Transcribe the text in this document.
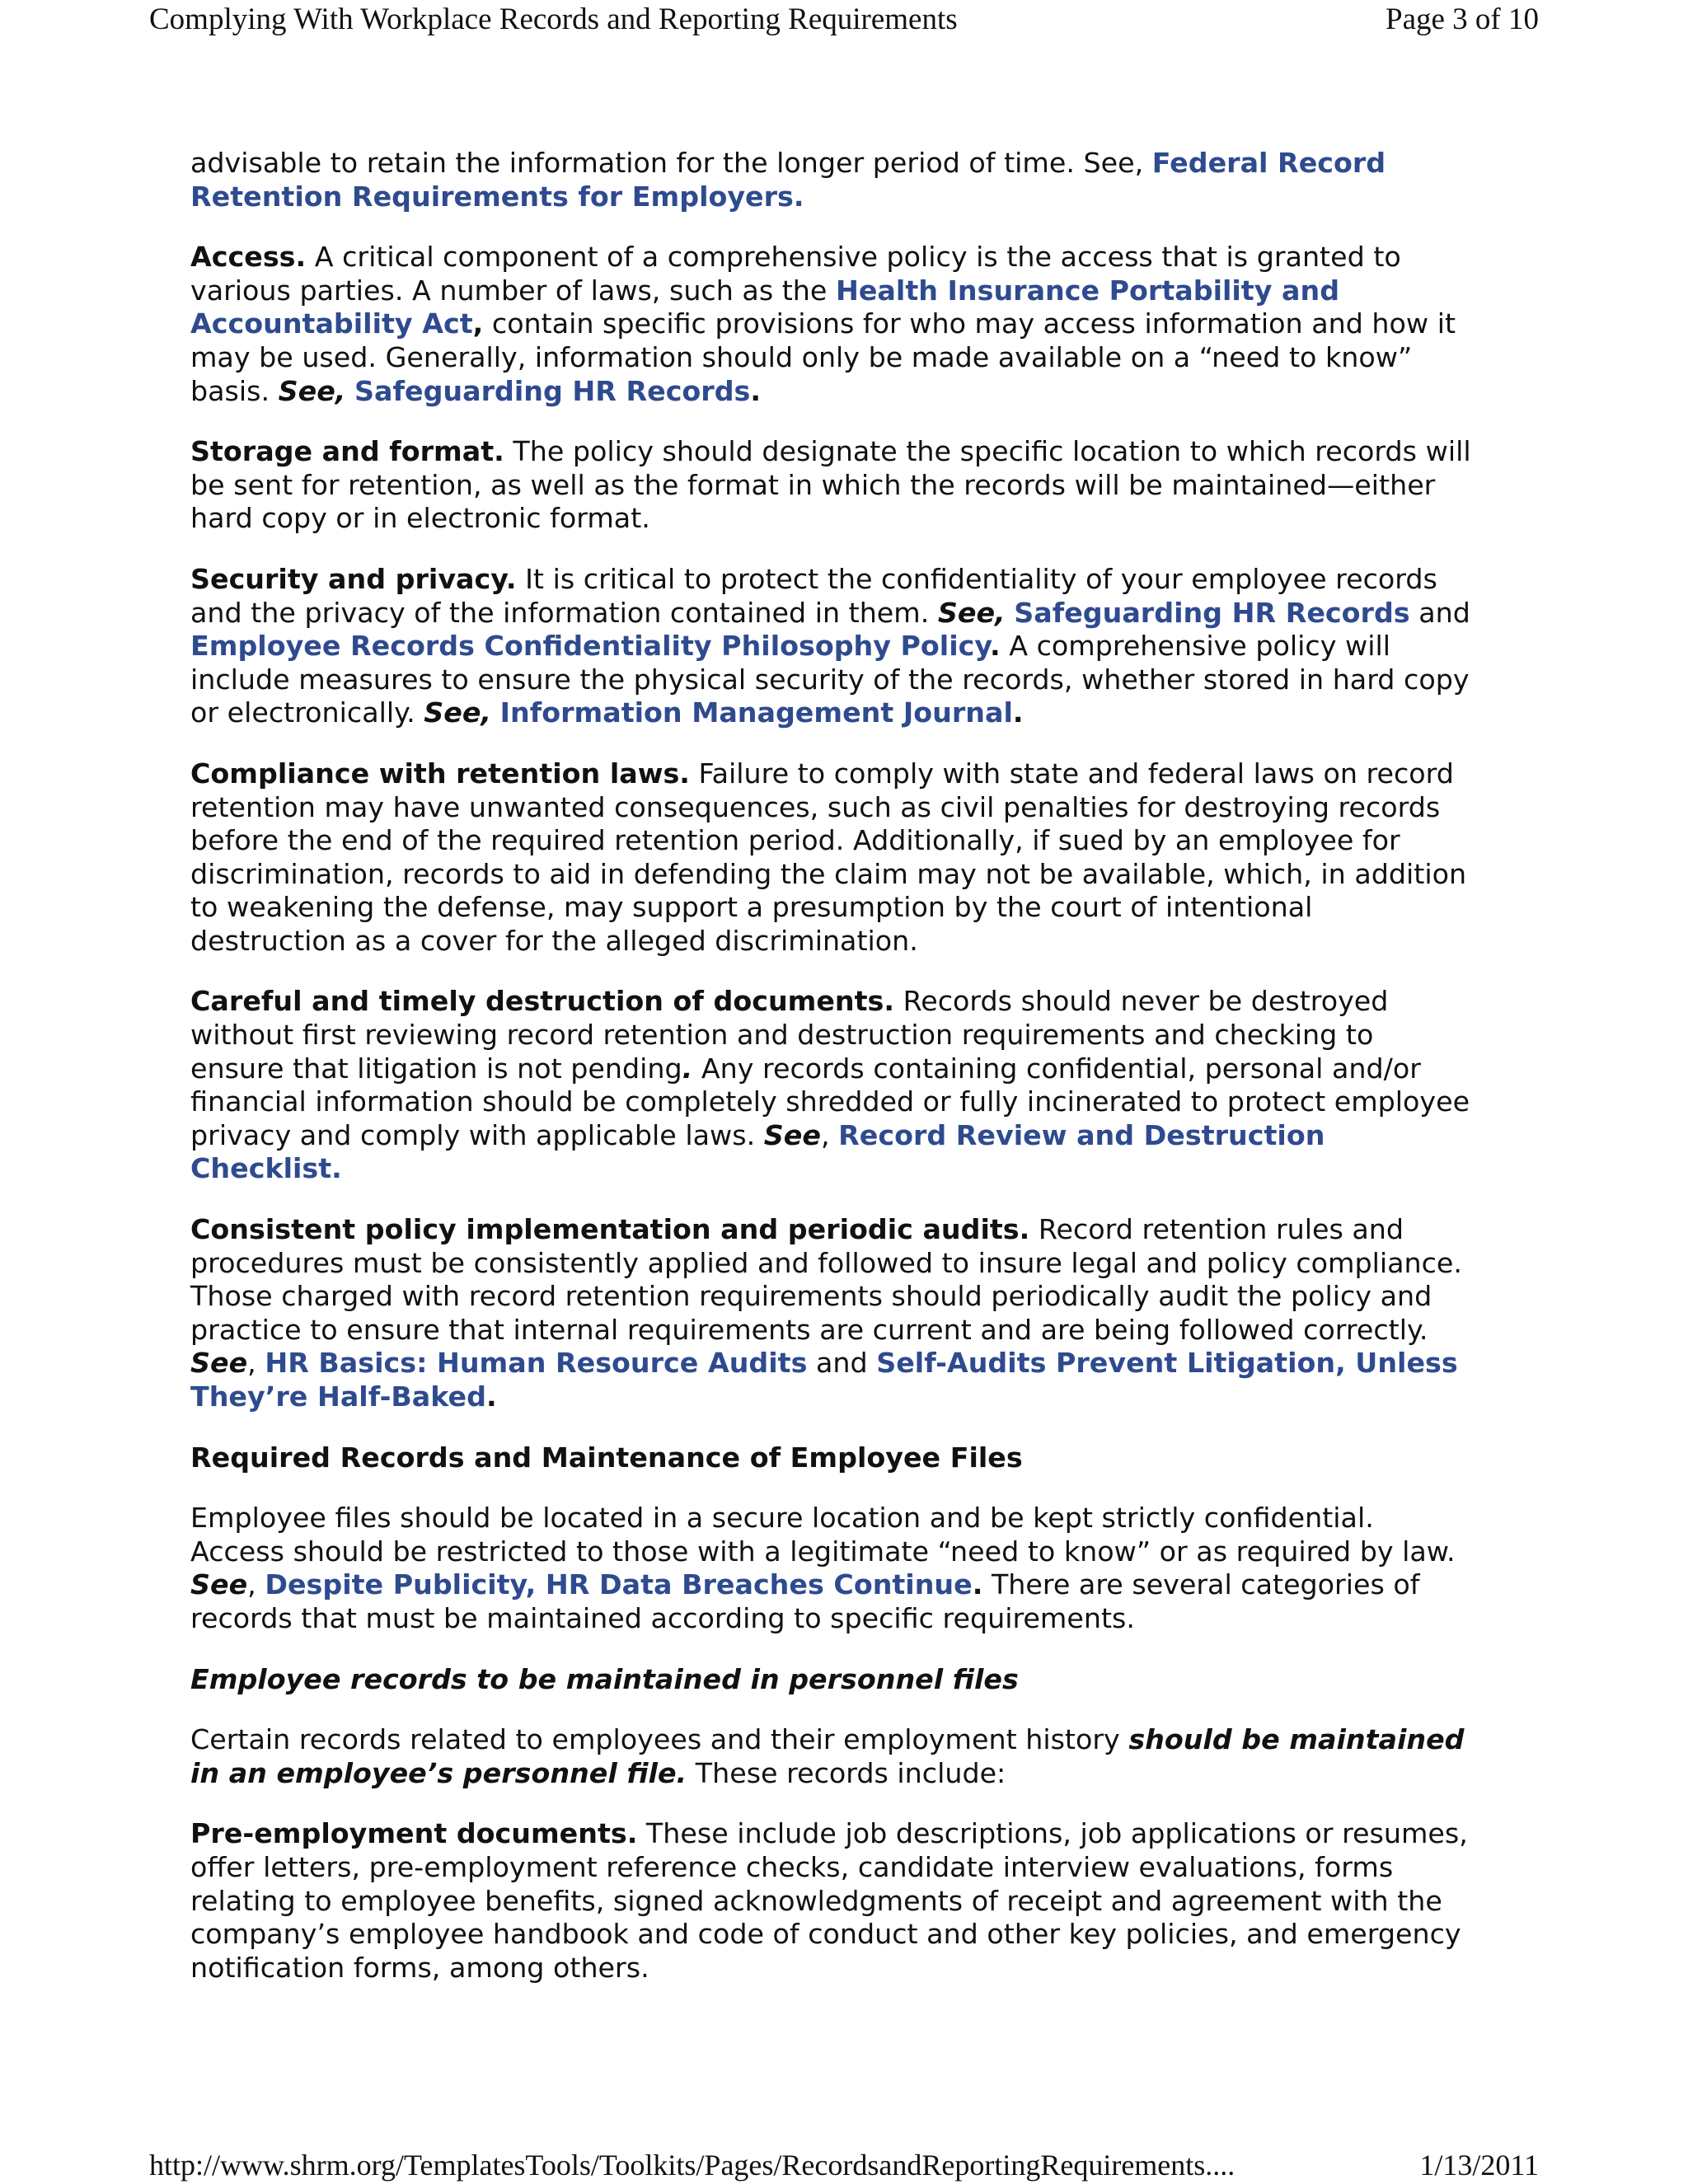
Complying With Workplace Records and Reporting Requirements	Page 3 of 10

advisable to retain the information for the longer period of time. See, Federal Record Retention Requirements for Employers.

Access. A critical component of a comprehensive policy is the access that is granted to various parties. A number of laws, such as the Health Insurance Portability and Accountability Act, contain specific provisions for who may access information and how it may be used. Generally, information should only be made available on a “need to know” basis. See, Safeguarding HR Records.

Storage and format. The policy should designate the specific location to which records will be sent for retention, as well as the format in which the records will be maintained—either hard copy or in electronic format.

Security and privacy. It is critical to protect the confidentiality of your employee records and the privacy of the information contained in them. See, Safeguarding HR Records and Employee Records Confidentiality Philosophy Policy. A comprehensive policy will include measures to ensure the physical security of the records, whether stored in hard copy or electronically. See, Information Management Journal.

Compliance with retention laws. Failure to comply with state and federal laws on record retention may have unwanted consequences, such as civil penalties for destroying records before the end of the required retention period. Additionally, if sued by an employee for discrimination, records to aid in defending the claim may not be available, which, in addition to weakening the defense, may support a presumption by the court of intentional destruction as a cover for the alleged discrimination.

Careful and timely destruction of documents. Records should never be destroyed without first reviewing record retention and destruction requirements and checking to ensure that litigation is not pending. Any records containing confidential, personal and/or financial information should be completely shredded or fully incinerated to protect employee privacy and comply with applicable laws. See, Record Review and Destruction Checklist.

Consistent policy implementation and periodic audits. Record retention rules and procedures must be consistently applied and followed to insure legal and policy compliance. Those charged with record retention requirements should periodically audit the policy and practice to ensure that internal requirements are current and are being followed correctly. See, HR Basics: Human Resource Audits and Self-Audits Prevent Litigation, Unless They’re Half-Baked.

Required Records and Maintenance of Employee Files

Employee files should be located in a secure location and be kept strictly confidential. Access should be restricted to those with a legitimate “need to know” or as required by law. See, Despite Publicity, HR Data Breaches Continue. There are several categories of records that must be maintained according to specific requirements.

Employee records to be maintained in personnel files

Certain records related to employees and their employment history should be maintained in an employee’s personnel file. These records include:

Pre-employment documents. These include job descriptions, job applications or resumes, offer letters, pre-employment reference checks, candidate interview evaluations, forms relating to employee benefits, signed acknowledgments of receipt and agreement with the company’s employee handbook and code of conduct and other key policies, and emergency notification forms, among others.

http://www.shrm.org/TemplatesTools/Toolkits/Pages/RecordsandReportingRequirements....	1/13/2011
